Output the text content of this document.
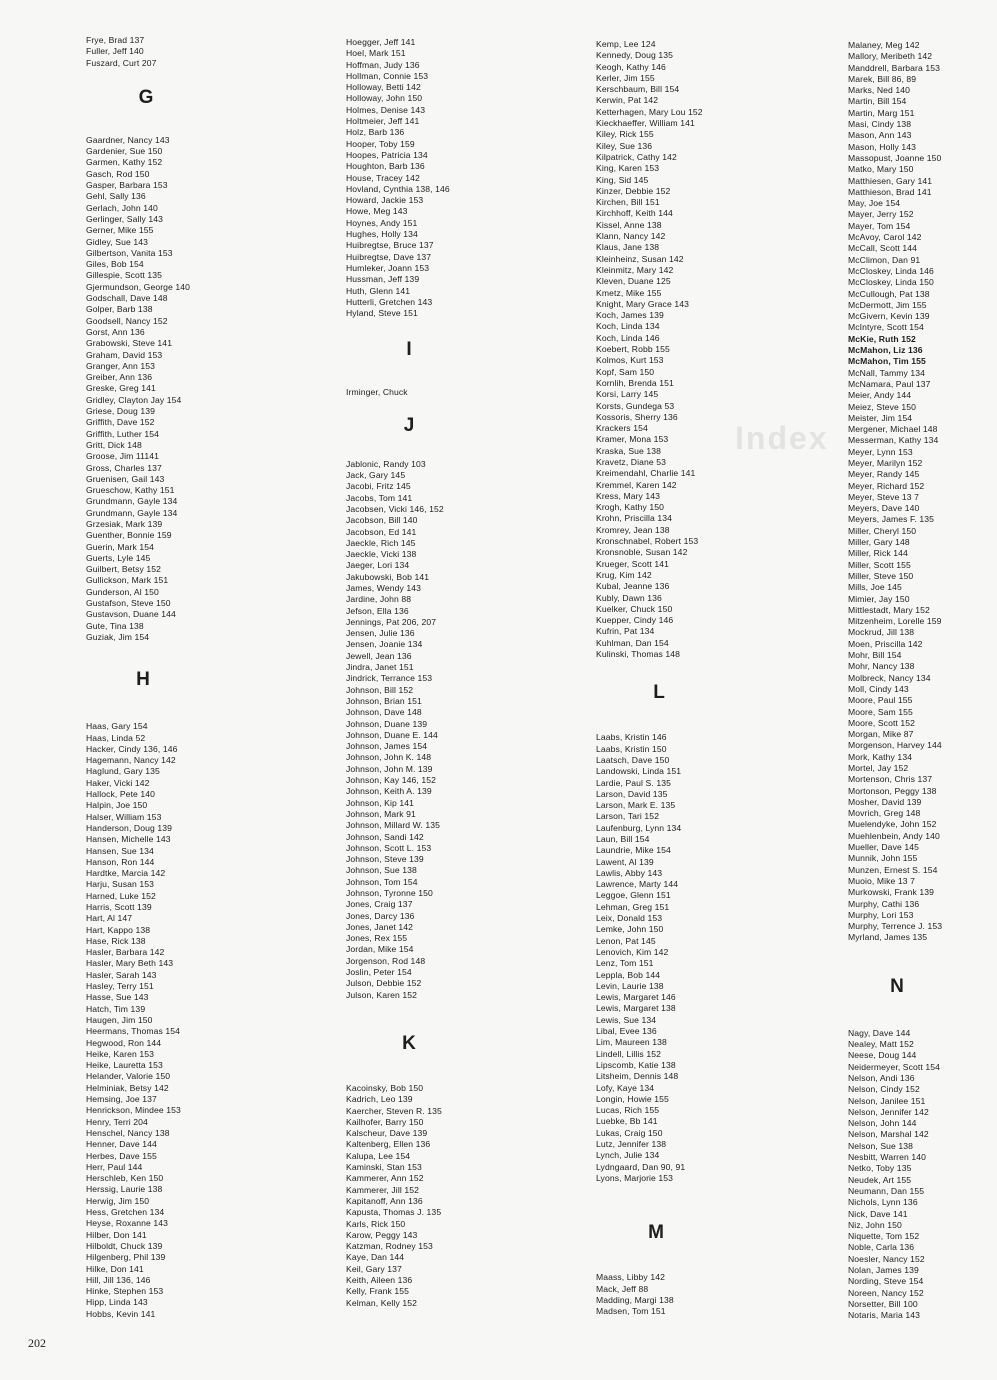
Index
Frye, Brad 137
Fuller, Jeff 140
Fuszard, Curt 207
G
Gaardner, Nancy 143
Gardenier, Sue 150
Garmen, Kathy 152
Gasch, Rod 150
Gasper, Barbara 153
Gehl, Sally 136
Gerlach, John 140
Gerlinger, Sally 143
Gerner, Mike 155
Gidley, Sue 143
Gilbertson, Vanita 153
Giles, Bob 154
Gillespie, Scott 135
Gjermundson, George 140
Godschall, Dave 148
Golper, Barb 138
Goodsell, Nancy 152
Gorst, Ann 136
Grabowski, Steve 141
Graham, David 153
Granger, Ann 153
Greiber, Ann 136
Greske, Greg 141
Gridley, Clayton Jay 154
Griese, Doug 139
Griffith, Dave 152
Griffith, Luther 154
Gritt, Dick 148
Groose, Jim 11141
Gross, Charles 137
Gruenisen, Gail 143
Grueschow, Kathy 151
Grundmann, Gayle 134
Grundmann, Gayle 134
Grzesiak, Mark 139
Guenther, Bonnie 159
Guerin, Mark 154
Guerts, Lyle 145
Guilbert, Betsy 152
Gullickson, Mark 151
Gunderson, Al 150
Gustafson, Steve 150
Gustavson, Duane 144
Gute, Tina 138
Guziak, Jim 154
H
Haas, Gary 154
Haas, Linda 52
Hacker, Cindy 136, 146
Hagemann, Nancy 142
Haglund, Gary 135
Haker, Vicki 142
Hallock, Pete 140
Halpin, Joe 150
Halser, William 153
Handerson, Doug 139
Hansen, Michelle 143
Hansen, Sue 134
Hanson, Ron 144
Hardtke, Marcia 142
Harju, Susan 153
Harned, Luke 152
Harris, Scott 139
Hart, Al 147
Hart, Kappo 138
Hase, Rick 138
Hasler, Barbara 142
Hasler, Mary Beth 143
Hasler, Sarah 143
Hasley, Terry 151
Hasse, Sue 143
Hatch, Tim 139
Haugen, Jim 150
Heermans, Thomas 154
Hegwood, Ron 144
Heike, Karen 153
Heike, Lauretta 153
Helander, Valorie 150
Helminiak, Betsy 142
Hemsing, Joe 137
Henrickson, Mindee 153
Henry, Terri 204
Henschel, Nancy 138
Henner, Dave 144
Herbes, Dave 155
Herr, Paul 144
Herschleb, Ken 150
Herssig, Laurie 138
Herwig, Jim 150
Hess, Gretchen 134
Heyse, Roxanne 143
Hilber, Don 141
Hilboldt, Chuck 139
Hilgenberg, Phil 139
Hilke, Don 141
Hill, Jill 136, 146
Hinke, Stephen 153
Hipp, Linda 143
Hobbs, Kevin 141
Hoegger, Jeff 141
Hoel, Mark 151
Hoffman, Judy 136
Hollman, Connie 153
Holloway, Betti 142
Holloway, John 150
Holmes, Denise 143
Holtmeier, Jeff 141
Holz, Barb 136
Hooper, Toby 159
Hoopes, Patricia 134
Houghton, Barb 136
House, Tracey 142
Hovland, Cynthia 138, 146
Howard, Jackie 153
Howe, Meg 143
Hoynes, Andy 151
Hughes, Holly 134
Huibregtse, Bruce 137
Huibregtse, Dave 137
Humleker, Joann 153
Hussman, Jeff 139
Huth, Glenn 141
Hutterli, Gretchen 143
Hyland, Steve 151
I
Irminger, Chuck
J
Jablonic, Randy 103
Jack, Gary 145
Jacobi, Fritz 145
Jacobs, Tom 141
Jacobsen, Vicki 146, 152
Jacobson, Bill 140
Jacobson, Ed 141
Jaeckle, Rich 145
Jaeckle, Vicki 138
Jaeger, Lori 134
Jakubowski, Bob 141
James, Wendy 143
Jardine, John 88
Jefson, Ella 136
Jennings, Pat 206, 207
Jensen, Julie 136
Jensen, Joanie 134
Jewell, Jean 136
Jindra, Janet 151
Jindrick, Terrance 153
Johnson, Bill 152
Johnson, Brian 151
Johnson, Dave 148
Johnson, Duane 139
Johnson, Duane E. 144
Johnson, James 154
Johnson, John K. 148
Johnson, John M. 139
Johnson, Kay 146, 152
Johnson, Keith A. 139
Johnson, Kip 141
Johnson, Mark 91
Johnson, Millard W. 135
Johnson, Sandi 142
Johnson, Scott L. 153
Johnson, Steve 139
Johnson, Sue 138
Johnson, Tom 154
Johnson, Tyronne 150
Jones, Craig 137
Jones, Darcy 136
Jones, Janet 142
Jones, Rex 155
Jordan, Mike 154
Jorgenson, Rod 148
Joslin, Peter 154
Julson, Debbie 152
Julson, Karen 152
K
Kacoinsky, Bob 150
Kadrich, Leo 139
Kaercher, Steven R. 135
Kailhofer, Barry 150
Kalscheur, Dave 139
Kaltenberg, Ellen 136
Kalupa, Lee 154
Kaminski, Stan 153
Kammerer, Ann 152
Kammerer, Jill 152
Kapitanoff, Ann 136
Kapusta, Thomas J. 135
Karls, Rick 150
Karow, Peggy 143
Katzman, Rodney 153
Kaye, Dan 144
Keil, Gary 137
Keith, Aileen 136
Kelly, Frank 155
Kelman, Kelly 152
Kemp, Lee 124
Kennedy, Doug 135
Keogh, Kathy 146
Kerler, Jim 155
Kerschbaum, Bill 154
Kerwin, Pat 142
Ketterhagen, Mary Lou 152
Kieckhaeffer, William 141
Kiley, Rick 155
Kiley, Sue 136
Kilpatrick, Cathy 142
King, Karen 153
King, Sid 145
Kinzer, Debbie 152
Kirchen, Bill 151
Kirchhoff, Keith 144
Kissel, Anne 138
Klann, Nancy 142
Klaus, Jane 138
Kleinheinz, Susan 142
Kleinmitz, Mary 142
Kleven, Duane 125
Kmetz, Mike 155
Knight, Mary Grace 143
Koch, James 139
Koch, Linda 134
Koch, Linda 146
Koebert, Robb 155
Kolmos, Kurt 153
Kopf, Sam 150
Kornlih, Brenda 151
Korsi, Larry 145
Korsts, Gundega 53
Kossoris, Sherry 136
Krackers 154
Kramer, Mona 153
Kraska, Sue 138
Kravetz, Diane 53
Kreimendahl, Charlie 141
Kremmel, Karen 142
Kress, Mary 143
Krogh, Kathy 150
Krohn, Priscilla 134
Kromrey, Jean 138
Kronschnabel, Robert 153
Kronsnoble, Susan 142
Krueger, Scott 141
Krug, Kim 142
Kubal, Jeanne 136
Kubly, Dawn 136
Kuelker, Chuck 150
Kuepper, Cindy 146
Kufrin, Pat 134
Kuhlman, Dan 154
Kulinski, Thomas 148
L
Laabs, Kristin 146
Laabs, Kristin 150
Laatsch, Dave 150
Landowski, Linda 151
Lardie, Paul S. 135
Larson, David 135
Larson, Mark E. 135
Larson, Tari 152
Laufenburg, Lynn 134
Laun, Bill 154
Laundrie, Mike 154
Lawent, Al 139
Lawlis, Abby 143
Lawrence, Marty 144
Leggoe, Glenn 151
Lehman, Greg 151
Leix, Donald 153
Lemke, John 150
Lenon, Pat 145
Lenovich, Kim 142
Lenz, Tom 151
Leppla, Bob 144
Levin, Laurie 138
Lewis, Margaret 146
Lewis, Margaret 138
Lewis, Sue 134
Libal, Evee 136
Lim, Maureen 138
Lindell, Lillis 152
Lipscomb, Katie 138
Litsheim, Dennis 148
Lofy, Kaye 134
Longin, Howie 155
Lucas, Rich 155
Luebke, Bb 141
Lukas, Craig 150
Lutz, Jennifer 138
Lynch, Julie 134
Lydngaard, Dan 90, 91
Lyons, Marjorie 153
M
Maass, Libby 142
Mack, Jeff 88
Madding, Margi 138
Madsen, Tom 151
Malaney, Meg 142
Mallory, Meribeth 142
Manddrell, Barbara 153
Marek, Bill 86, 89
Marks, Ned 140
Martin, Bill 154
Martin, Marg 151
Masi, Cindy 138
Mason, Ann 143
Mason, Holly 143
Massopust, Joanne 150
Matko, Mary 150
Matthiesen, Gary 141
Matthieson, Brad 141
May, Joe 154
Mayer, Jerry 152
Mayer, Tom 154
McAvoy, Carol 142
McCall, Scott 144
McClimon, Dan 91
McCloskey, Linda 146
McCloskey, Linda 150
McCullough, Pat 138
McDermott, Jim 155
McGivern, Kevin 139
McIntyre, Scott 154
McKie, Ruth 152
McMahon, Liz 136
McMahon, Tim 155
McNall, Tammy 134
McNamara, Paul 137
Meier, Andy 144
Meiez, Steve 150
Meister, Jim 154
Mergener, Michael 148
Messerman, Kathy 134
Meyer, Lynn 153
Meyer, Marilyn 152
Meyer, Randy 145
Meyer, Richard 152
Meyer, Steve 13 7
Meyers, Dave 140
Meyers, James F. 135
Miller, Cheryl 150
Miller, Gary 148
Miller, Rick 144
Miller, Scott 155
Miller, Steve 150
Mills, Joe 145
Mimier, Jay 150
Mittlestadt, Mary 152
Mitzenheim, Lorelle 159
Mockrud, Jill 138
Moen, Priscilla 142
Mohr, Bill 154
Mohr, Nancy 138
Molbreck, Nancy 134
Moll, Cindy 143
Moore, Paul 155
Moore, Sam 155
Moore, Scott 152
Morgan, Mike 87
Morgenson, Harvey 144
Mork, Kathy 134
Mortel, Jay 152
Mortenson, Chris 137
Mortonson, Peggy 138
Mosher, David 139
Movrich, Greg 148
Muelendyke, John 152
Muehlenbein, Andy 140
Mueller, Dave 145
Munnik, John 155
Munzen, Ernest S. 154
Muoio, Mike 13 7
Murkowski, Frank 139
Murphy, Cathi 136
Murphy, Lori 153
Murphy, Terrence J. 153
Myrland, James 135
N
Nagy, Dave 144
Nealey, Matt 152
Neese, Doug 144
Neidermeyer, Scott 154
Nelson, Andi 136
Nelson, Cindy 152
Nelson, Janilee 151
Nelson, Jennifer 142
Nelson, John 144
Nelson, Marshal 142
Nelson, Sue 138
Nesbitt, Warren 140
Netko, Toby 135
Neudek, Art 155
Neumann, Dan 155
Nichols, Lynn 136
Nick, Dave 141
Niz, John 150
Niquette, Tom 152
Noble, Carla 136
Noesler, Nancy 152
Nolan, James 139
Nording, Steve 154
Noreen, Nancy 152
Norsetter, Bill 100
Notaris, Maria 143
202
